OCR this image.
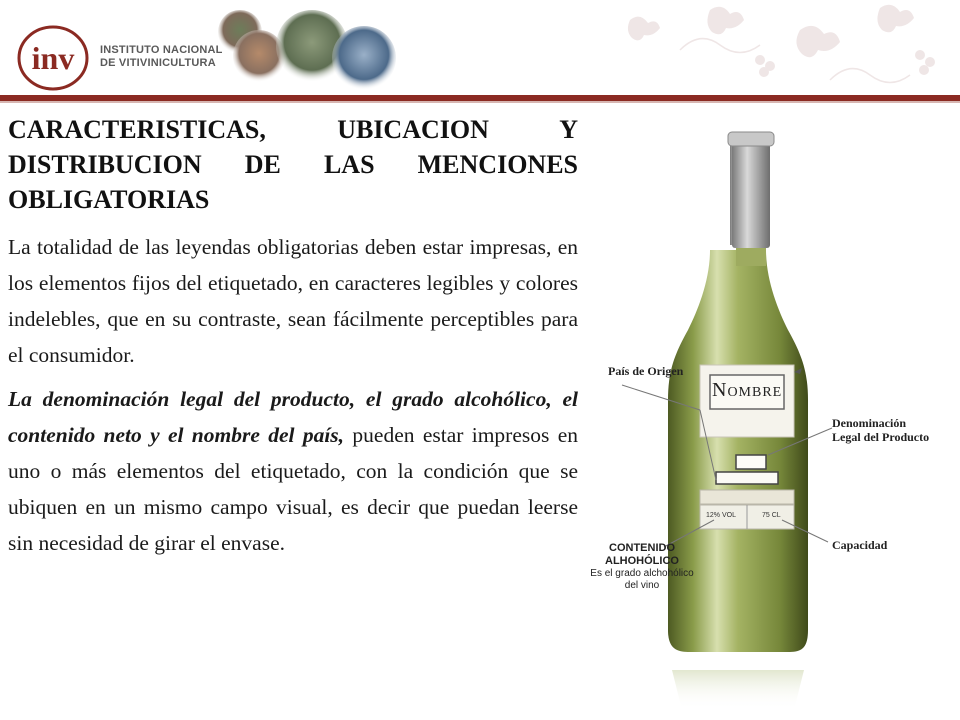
inv INSTITUTO NACIONAL
DE VITIVINICULTURA
CARACTERISTICAS, UBICACION Y DISTRIBUCION DE LAS MENCIONES OBLIGATORIAS

La totalidad de las leyendas obligatorias deben estar impresas, en los elementos fijos del etiquetado, en caracteres legibles y colores indelebles, que en su contraste, sean fácilmente perceptibles para el consumidor.

La denominación legal del producto, el grado alcohólico, el contenido neto y el nombre del país, pueden estar impresos en uno o más elementos del etiquetado, con la condición que se ubiquen en un mismo campo visual, es decir que puedan leerse sin necesidad de girar el envase.

País de Origen
Nombre
Denominación
Legal del Producto
12% VOL	75 CL
Capacidad
CONTENIDO
ALHOHÓLICO
Es el grado alchohólico
del vino
